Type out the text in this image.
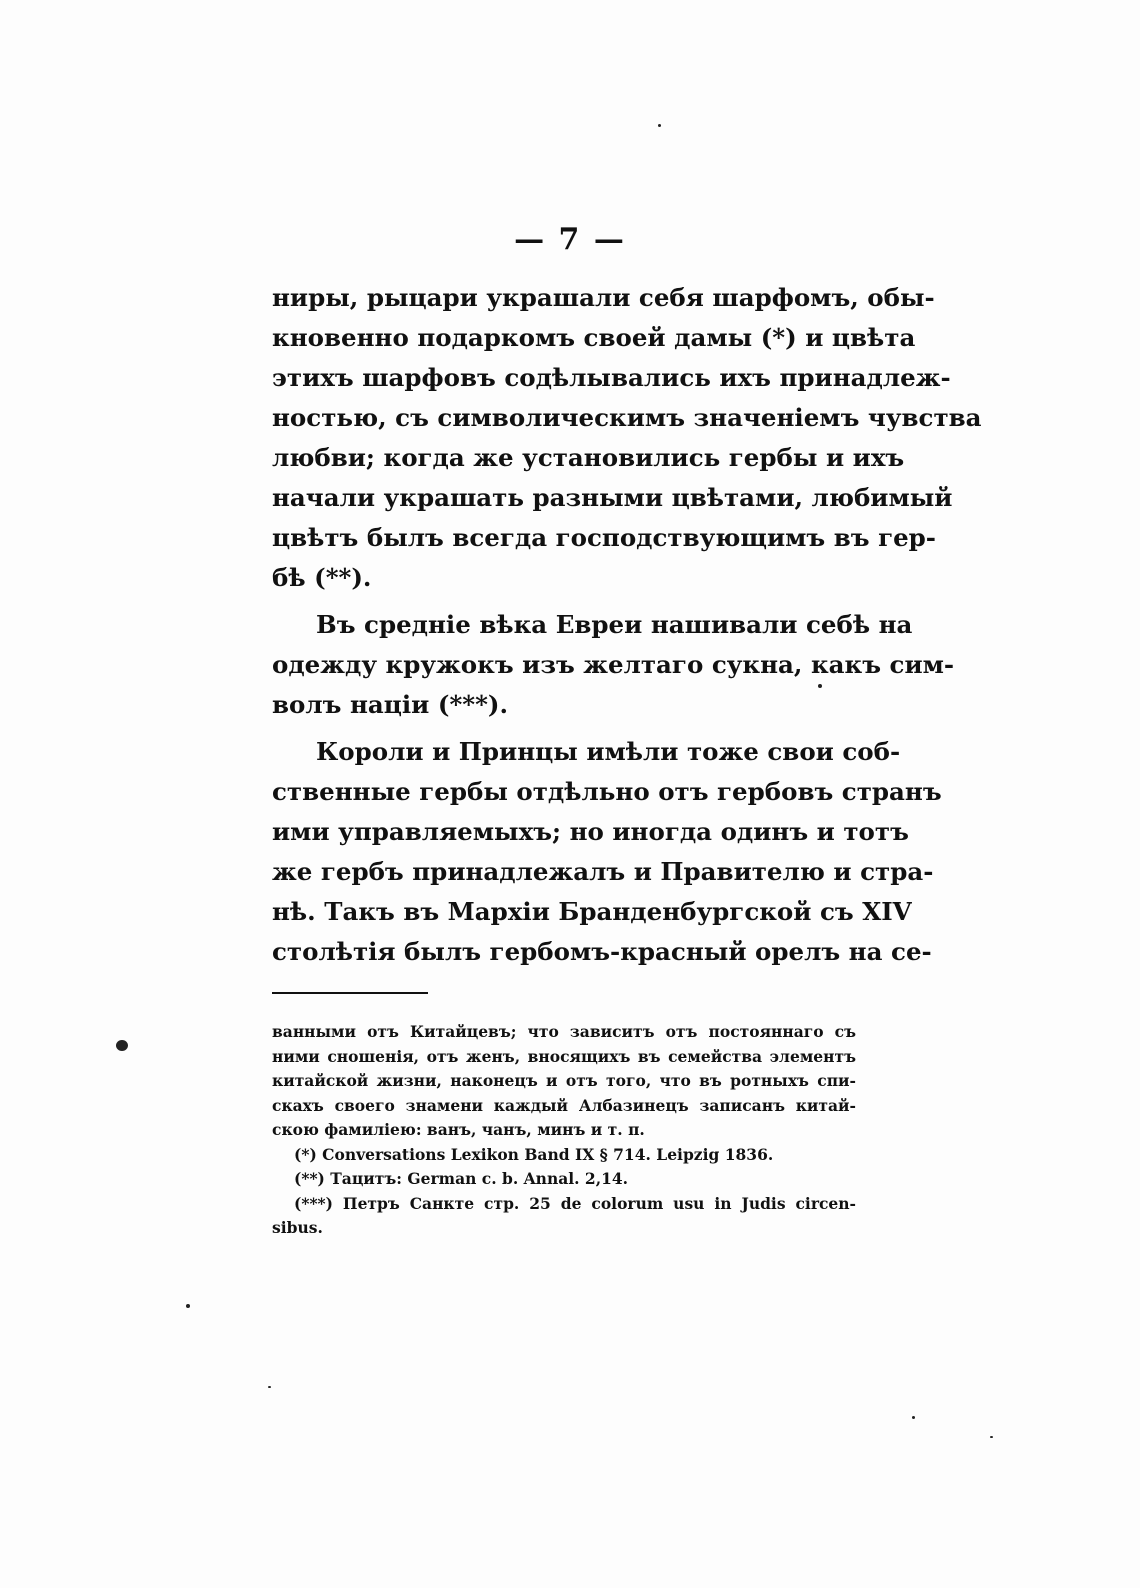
— 7 —
ниры, рыцари украшали себя шарфомъ, обы-
кновенно подаркомъ своей дамы (*) и цвѣта
этихъ шарфовъ содѣлывались ихъ принадлеж-
ностью, съ символическимъ значеніемъ чувства
любви; когда же установились гербы и ихъ
начали украшать разными цвѣтами, любимый
цвѣтъ былъ всегда господствующимъ въ гер-
бѣ (**).
Въ средніе вѣка Евреи нашивали себѣ на
одежду кружокъ изъ желтаго сукна, какъ сим-
волъ націи (***).
Короли и Принцы имѣли тоже свои соб-
ственные гербы отдѣльно отъ гербовъ странъ
ими управляемыхъ; но иногда одинъ и тотъ
же гербъ принадлежалъ и Правителю и стра-
нѣ. Такъ въ Мархіи Бранденбургской съ XIV
столѣтія былъ гербомъ-красный орелъ на се-
ванными отъ Китайцевъ; что зависитъ отъ постояннаго съ
ними сношенія, отъ женъ, вносящихъ въ семейства элементъ
китайской жизни, наконецъ и отъ того, что въ ротныхъ спи-
скахъ своего знамени каждый Албазинецъ записанъ китай-
скою фамиліею: ванъ, чанъ, минъ и т. п.
(*) Conversations Lexikon Band IX § 714. Leipzig 1836.
(**) Тацитъ: German c. b. Annal. 2,14.
(***) Петръ Санкте стр. 25 de colorum usu in Judis circen-
sibus.
